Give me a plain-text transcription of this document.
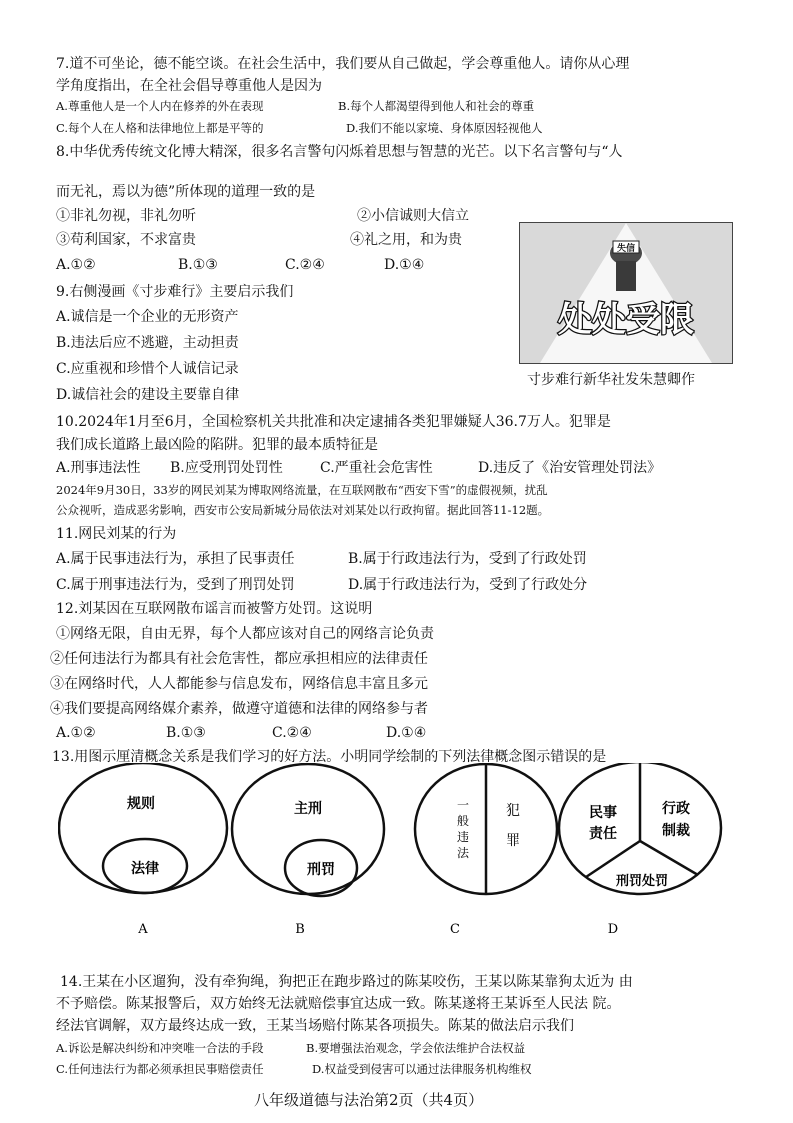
7.道不可坐论，德不能空谈。在社会生活中，我们要从自己做起，学会尊重他人。请你从心理
学角度指出，在全社会倡导尊重他人是因为
A.尊重他人是一个人内在修养的外在表现	B.每个人都渴望得到他人和社会的尊重
C.每个人在人格和法律地位上都是平等的	D.我们不能以家境、身体原因轻视他人
8.中华优秀传统文化博大精深，很多名言警句闪烁着思想与智慧的光芒。以下名言警句与“人
而无礼，焉以为德”所体现的道理一致的是
①非礼勿视，非礼勿听	②小信诚则大信立
③苟利国家，不求富贵	④礼之用，和为贵
A.①②	B.①③	C.②④	D.①④
9.右侧漫画《寸步难行》主要启示我们
A.诚信是一个企业的无形资产
B.违法后应不逃避，主动担责
C.应重视和珍惜个人诚信记录
D.诚信社会的建设主要靠自律
失信
处处受限
寸步难行新华社发朱慧卿作
10.2024年1月至6月，全国检察机关共批准和决定逮捕各类犯罪嫌疑人36.7万人。犯罪是
我们成长道路上最凶险的陷阱。犯罪的最本质特征是
A.刑事违法性 B.应受刑罚处罚性	C.严重社会危害性	D.违反了《治安管理处罚法》
2024年9月30日，33岁的网民刘某为博取网络流量，在互联网散布“西安下雪”的虚假视频，扰乱
公众视听，造成恶劣影响，西安市公安局新城分局依法对刘某处以行政拘留。据此回答11-12题。
11.网民刘某的行为
A.属于民事违法行为，承担了民事责任	B.属于行政违法行为，受到了行政处罚
C.属于刑事违法行为，受到了刑罚处罚	D.属于行政违法行为，受到了行政处分
12.刘某因在互联网散布谣言而被警方处罚。这说明
①网络无限，自由无界，每个人都应该对自己的网络言论负责
②任何违法行为都具有社会危害性，都应承担相应的法律责任
③在网络时代，人人都能参与信息发布，网络信息丰富且多元
④我们要提高网络媒介素养，做遵守道德和法律的网络参与者
A.①②	B.①③	C.②④	D.①④
13.用图示厘清概念关系是我们学习的好方法。小明同学绘制的下列法律概念图示错误的是
规则
法律
A
主刑
刑罚
B
一
般
违
法
犯
罪
C
民事
责任
行政
制裁
刑罚处罚
D
14.王某在小区遛狗，没有牵狗绳，狗把正在跑步路过的陈某咬伤，王某以陈某靠狗太近为 由
不予赔偿。陈某报警后，双方始终无法就赔偿事宜达成一致。陈某遂将王某诉至人民法 院。
经法官调解，双方最终达成一致，王某当场赔付陈某各项损失。陈某的做法启示我们
A.诉讼是解决纠纷和冲突唯一合法的手段	B.要增强法治观念，学会依法维护合法权益
C.任何违法行为都必须承担民事赔偿责任	D.权益受到侵害可以通过法律服务机构维权
八年级道德与法治第2页（共4页）
